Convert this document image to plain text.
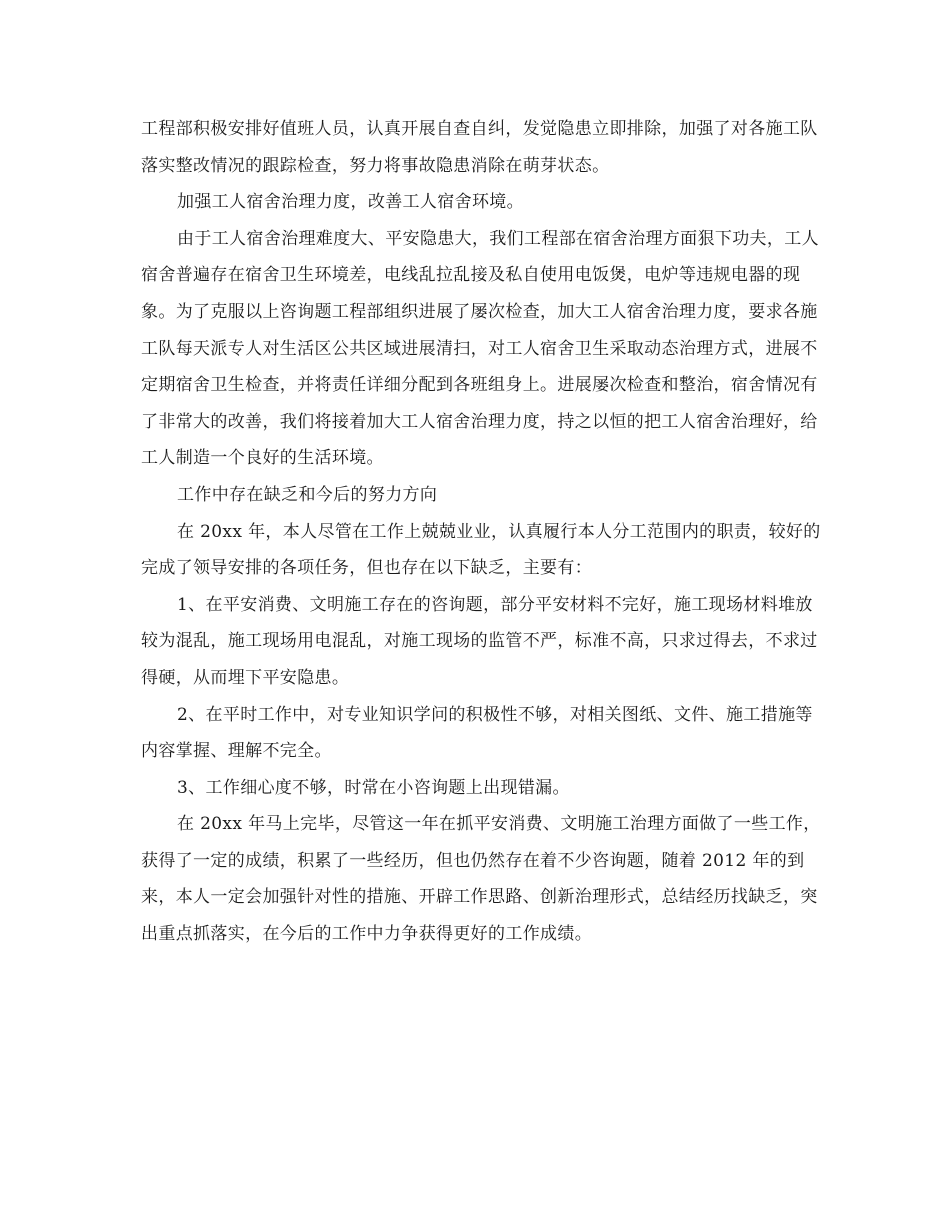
工程部积极安排好值班人员，认真开展自查自纠，发觉隐患立即排除，加强了对各施工队落实整改情况的跟踪检查，努力将事故隐患消除在萌芽状态。

加强工人宿舍治理力度，改善工人宿舍环境。

由于工人宿舍治理难度大、平安隐患大，我们工程部在宿舍治理方面狠下功夫，工人宿舍普遍存在宿舍卫生环境差，电线乱拉乱接及私自使用电饭煲，电炉等违规电器的现象。为了克服以上咨询题工程部组织进展了屡次检查，加大工人宿舍治理力度，要求各施工队每天派专人对生活区公共区域进展清扫，对工人宿舍卫生采取动态治理方式，进展不定期宿舍卫生检查，并将责任详细分配到各班组身上。进展屡次检查和整治，宿舍情况有了非常大的改善，我们将接着加大工人宿舍治理力度，持之以恒的把工人宿舍治理好，给工人制造一个良好的生活环境。

工作中存在缺乏和今后的努力方向

在 20xx 年，本人尽管在工作上兢兢业业，认真履行本人分工范围内的职责，较好的完成了领导安排的各项任务，但也存在以下缺乏，主要有：

1、在平安消费、文明施工存在的咨询题，部分平安材料不完好，施工现场材料堆放较为混乱，施工现场用电混乱，对施工现场的监管不严，标准不高，只求过得去，不求过得硬，从而埋下平安隐患。

2、在平时工作中，对专业知识学问的积极性不够，对相关图纸、文件、施工措施等内容掌握、理解不完全。

3、工作细心度不够，时常在小咨询题上出现错漏。

在 20xx 年马上完毕，尽管这一年在抓平安消费、文明施工治理方面做了一些工作，获得了一定的成绩，积累了一些经历，但也仍然存在着不少咨询题，随着 2012 年的到来，本人一定会加强针对性的措施、开辟工作思路、创新治理形式，总结经历找缺乏，突出重点抓落实，在今后的工作中力争获得更好的工作成绩。
